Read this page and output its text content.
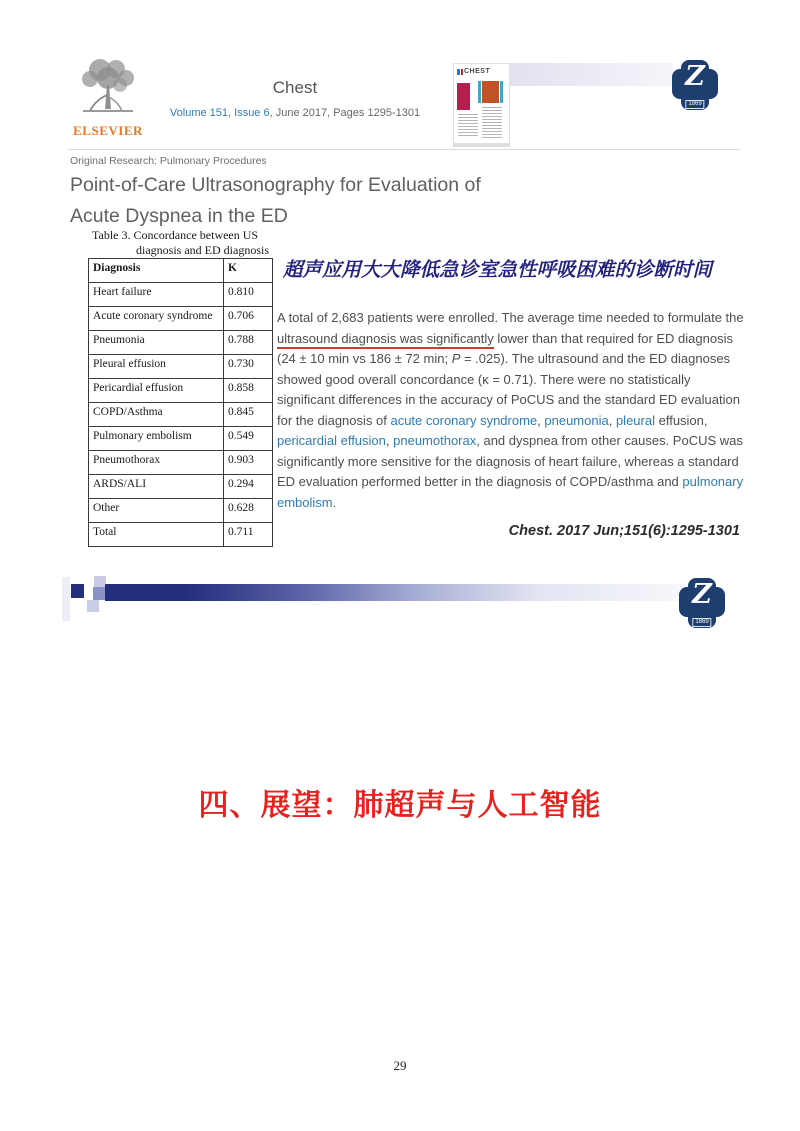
ELSEVIER
Chest
Volume 151, Issue 6, June 2017, Pages 1295-1301
CHEST	Z
1869
Original Research: Pulmonary Procedures
Point-of-Care Ultrasonography for Evaluation of Acute Dyspnea in the ED
Table 3. Concordance between US
diagnosis and ED diagnosis
Diagnosis	K
Heart failure	0.810
Acute coronary syndrome	0.706
Pneumonia	0.788
Pleural effusion	0.730
Pericardial effusion	0.858
COPD/Asthma	0.845
Pulmonary embolism	0.549
Pneumothorax	0.903
ARDS/ALI	0.294
Other	0.628
Total	0.711
超声应用大大降低急诊室急性呼吸困难的诊断时间
A total of 2,683 patients were enrolled. The average time needed to formulate the ultrasound diagnosis was significantly lower than that required for ED diagnosis (24 ± 10 min vs 186 ± 72 min; P = .025). The ultrasound and the ED diagnoses showed good overall concordance (κ = 0.71). There were no statistically significant differences in the accuracy of PoCUS and the standard ED evaluation for the diagnosis of acute coronary syndrome, pneumonia, pleural effusion, pericardial effusion, pneumothorax, and dyspnea from other causes. PoCUS was significantly more sensitive for the diagnosis of heart failure, whereas a standard ED evaluation performed better in the diagnosis of COPD/asthma and pulmonary embolism.
Chest. 2017 Jun;151(6):1295-1301
Z
1869
四、展望：肺超声与人工智能
29
